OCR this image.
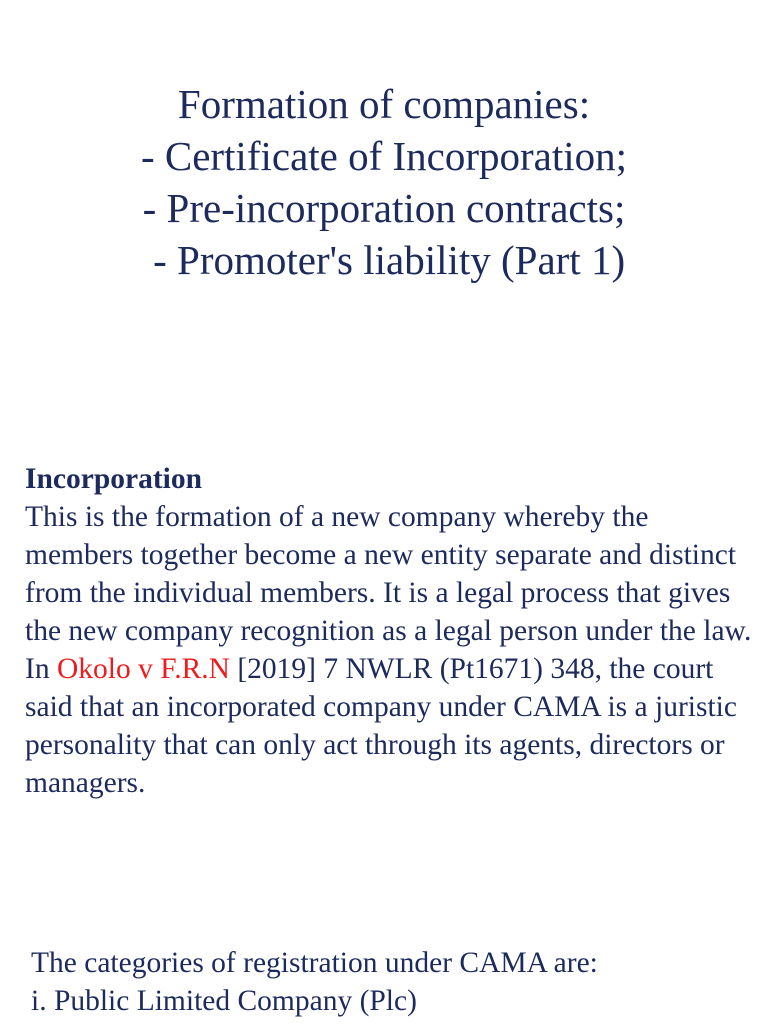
Formation of companies:
- Certificate of Incorporation;
- Pre-incorporation contracts;
- Promoter's liability (Part 1)
Incorporation
This is the formation of a new company whereby the members together become a new entity separate and distinct from the individual members. It is a legal process that gives the new company recognition as a legal person under the law. In Okolo v F.R.N [2019] 7 NWLR (Pt1671) 348, the court said that an incorporated company under CAMA is a juristic personality that can only act through its agents, directors or managers.
The categories of registration under CAMA are:
i. Public Limited Company (Plc)
